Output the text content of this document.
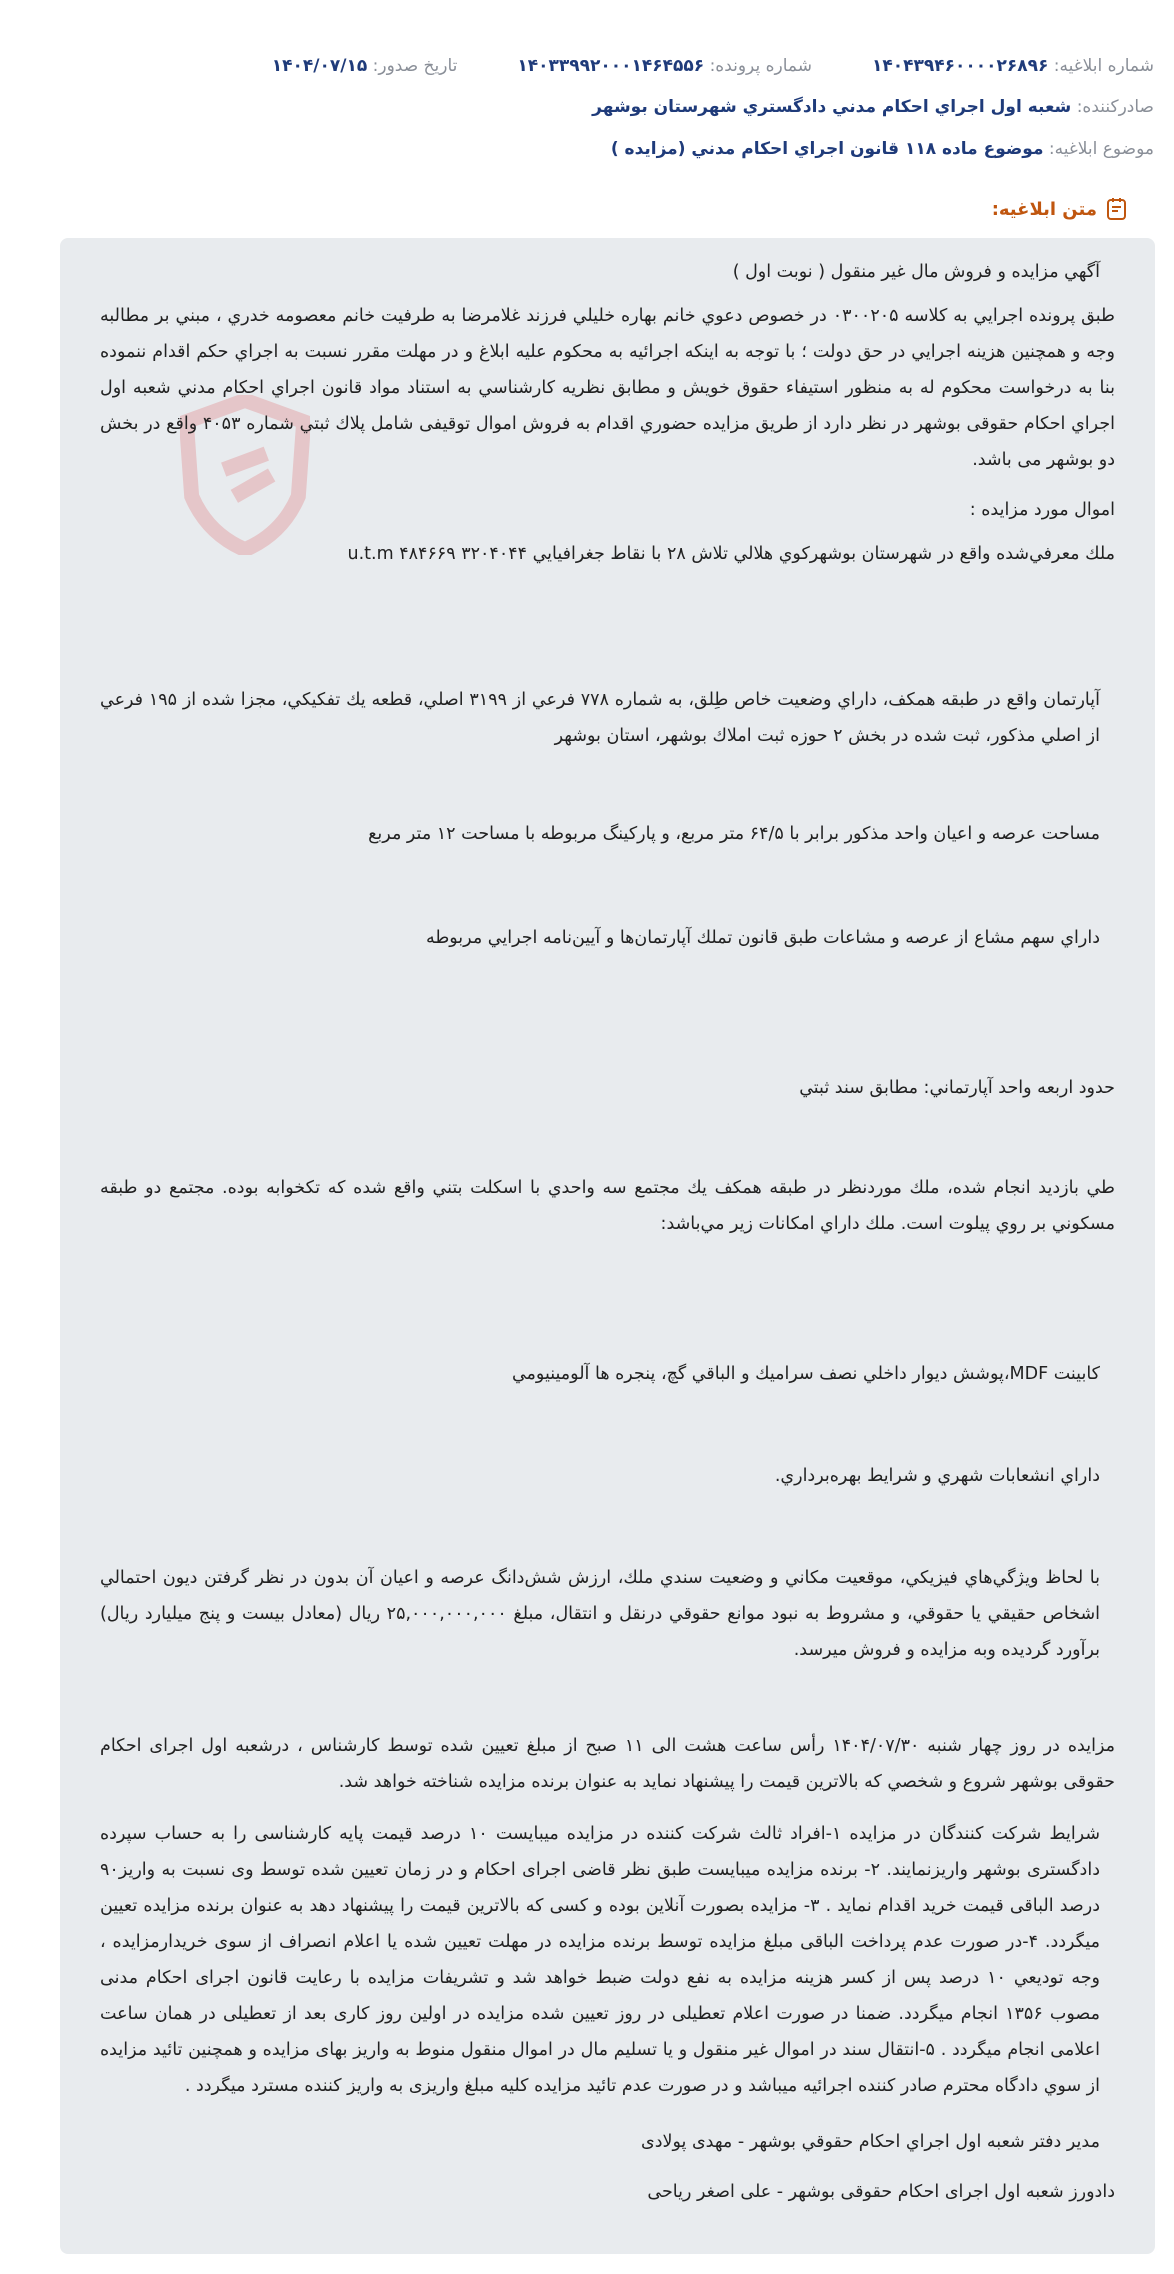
شماره ابلاغیه: ۱۴۰۴۳۹۴۶۰۰۰۰۲۶۸۹۶
شماره پرونده: ۱۴۰۳۳۹۹۲۰۰۰۱۴۶۴۵۵۶
تاریخ صدور: ۱۴۰۴/۰۷/۱۵
صادرکننده: شعبه اول اجراي احكام مدني دادگستري شهرستان بوشهر
موضوع ابلاغیه: موضوع ماده ۱۱۸ قانون اجراي احكام مدني (مزايده )
متن ابلاغیه:

آگهي مزايده و فروش مال غير منقول ( نوبت اول )

طبق پرونده اجرايي به كلاسه ۰۳۰۰۲۰۵ در خصوص دعوي خانم بهاره خليلي فرزند غلامرضا به طرفيت خانم معصومه خدري ، مبني بر مطالبه وجه و همچنين هزينه اجرايي در حق دولت ؛ با توجه به اينكه اجرائيه به محكوم عليه ابلاغ و در مهلت مقرر نسبت به اجراي حكم اقدام ننموده بنا به درخواست محكوم له به منظور استيفاء حقوق خويش و مطابق نظريه كارشناسي به استناد مواد قانون اجراي احكام مدني شعبه اول اجراي احكام حقوقی بوشهر در نظر دارد از طريق مزايده حضوري اقدام به فروش اموال توقيفی شامل پلاك ثبتي شماره ۴۰۵۳ واقع در بخش دو بوشهر می باشد.

اموال مورد مزايده :

ملك معرفي‌شده واقع در شهرستان بوشهركوي هلالي تلاش ۲۸ با نقاط جغرافيايي ۳۲۰۴۰۴۴ ۴۸۴۶۶۹ u.t.m

آپارتمان واقع در طبقه همكف، داراي وضعيت خاص طِلق، به شماره ۷۷۸ فرعي از ۳۱۹۹ اصلي، قطعه يك تفكيكي، مجزا شده از ۱۹۵ فرعي از اصلي مذكور، ثبت شده در بخش ۲ حوزه ثبت املاك بوشهر، استان بوشهر

مساحت عرصه و اعيان واحد مذكور برابر با ۶۴/۵ متر مربع، و پاركينگ مربوطه با مساحت ۱۲ متر مربع

داراي سهم مشاع از عرصه و مشاعات طبق قانون تملك آپارتمان‌ها و آيين‌نامه اجرايي مربوطه

حدود اربعه واحد آپارتماني: مطابق سند ثبتي

طي بازديد انجام شده، ملك موردنظر در طبقه همكف يك مجتمع سه واحدي با اسكلت بتني واقع شده كه تكخوابه بوده. مجتمع دو طبقه مسكوني بر روي پيلوت است. ملك داراي امكانات زير مي‌باشد:

كابينت MDF،پوشش ديوار داخلي نصف سراميك و الباقي گچ، پنجره ها آلومينيومي

داراي انشعابات شهري و شرايط بهره‌برداري.

با لحاظ ويژگي‌هاي فيزيكي، موقعيت مكاني و وضعيت سندي ملك، ارزش شش‌دانگ عرصه و اعيان آن بدون در نظر گرفتن ديون احتمالي اشخاص حقيقي يا حقوقي، و مشروط به نبود موانع حقوقي درنقل و انتقال، مبلغ ۲۵,۰۰۰,۰۰۰,۰۰۰ ريال (معادل بيست و پنج ميليارد ريال) برآورد گرديده وبه مزايده و فروش ميرسد.

مزايده در روز چهار شنبه ۱۴۰۴/۰۷/۳۰ رأس ساعت هشت الی ۱۱ صبح از مبلغ تعيين شده توسط كارشناس ، درشعبه اول اجرای احكام حقوقی بوشهر شروع و شخصي كه بالاترين قيمت را پيشنهاد نمايد به عنوان برنده مزايده شناخته خواهد شد.

شرایط شرکت کنندگان در مزایده ۱-افراد ثالث شرکت کننده در مزایده میبایست ۱۰ درصد قیمت پایه کارشناسی را به حساب سپرده دادگستری بوشهر واریزنمایند. ۲- برنده مزایده میبایست طبق نظر قاضی اجرای احکام و در زمان تعیین شده توسط وی نسبت به واریز۹۰ درصد الباقی قیمت خرید اقدام نماید . ۳- مزایده بصورت آنلاین بوده و کسی که بالاترین قیمت را پیشنهاد دهد به عنوان برنده مزایده تعیین میگردد. ۴-در صورت عدم پرداخت الباقی مبلغ مزایده توسط برنده مزایده در مهلت تعیین شده یا اعلام انصراف از سوی خریدارمزایده ، وجه توديعي ۱۰ درصد پس از کسر هزینه مزایده به نفع دولت ضبط خواهد شد و تشریفات مزایده با رعایت قانون اجرای احکام مدنی مصوب ۱۳۵۶ انجام میگردد. ضمنا در صورت اعلام تعطیلی در روز تعیین شده مزایده در اولین روز کاری بعد از تعطیلی در همان ساعت اعلامی انجام میگردد . ۵-انتقال سند در اموال غیر منقول و یا تسلیم مال در اموال منقول منوط به واریز بهای مزایده و همچنین تائید مزایده از سوي دادگاه محترم صادر كننده اجرائيه ميباشد و در صورت عدم تائید مزایده کلیه مبلغ واریزی به واریز کننده مسترد میگردد .

مدير دفتر شعبه اول اجراي احكام حقوقي بوشهر - مهدی پولادی

دادورز شعبه اول اجرای احکام حقوقی بوشهر - علی اصغر ریاحی
